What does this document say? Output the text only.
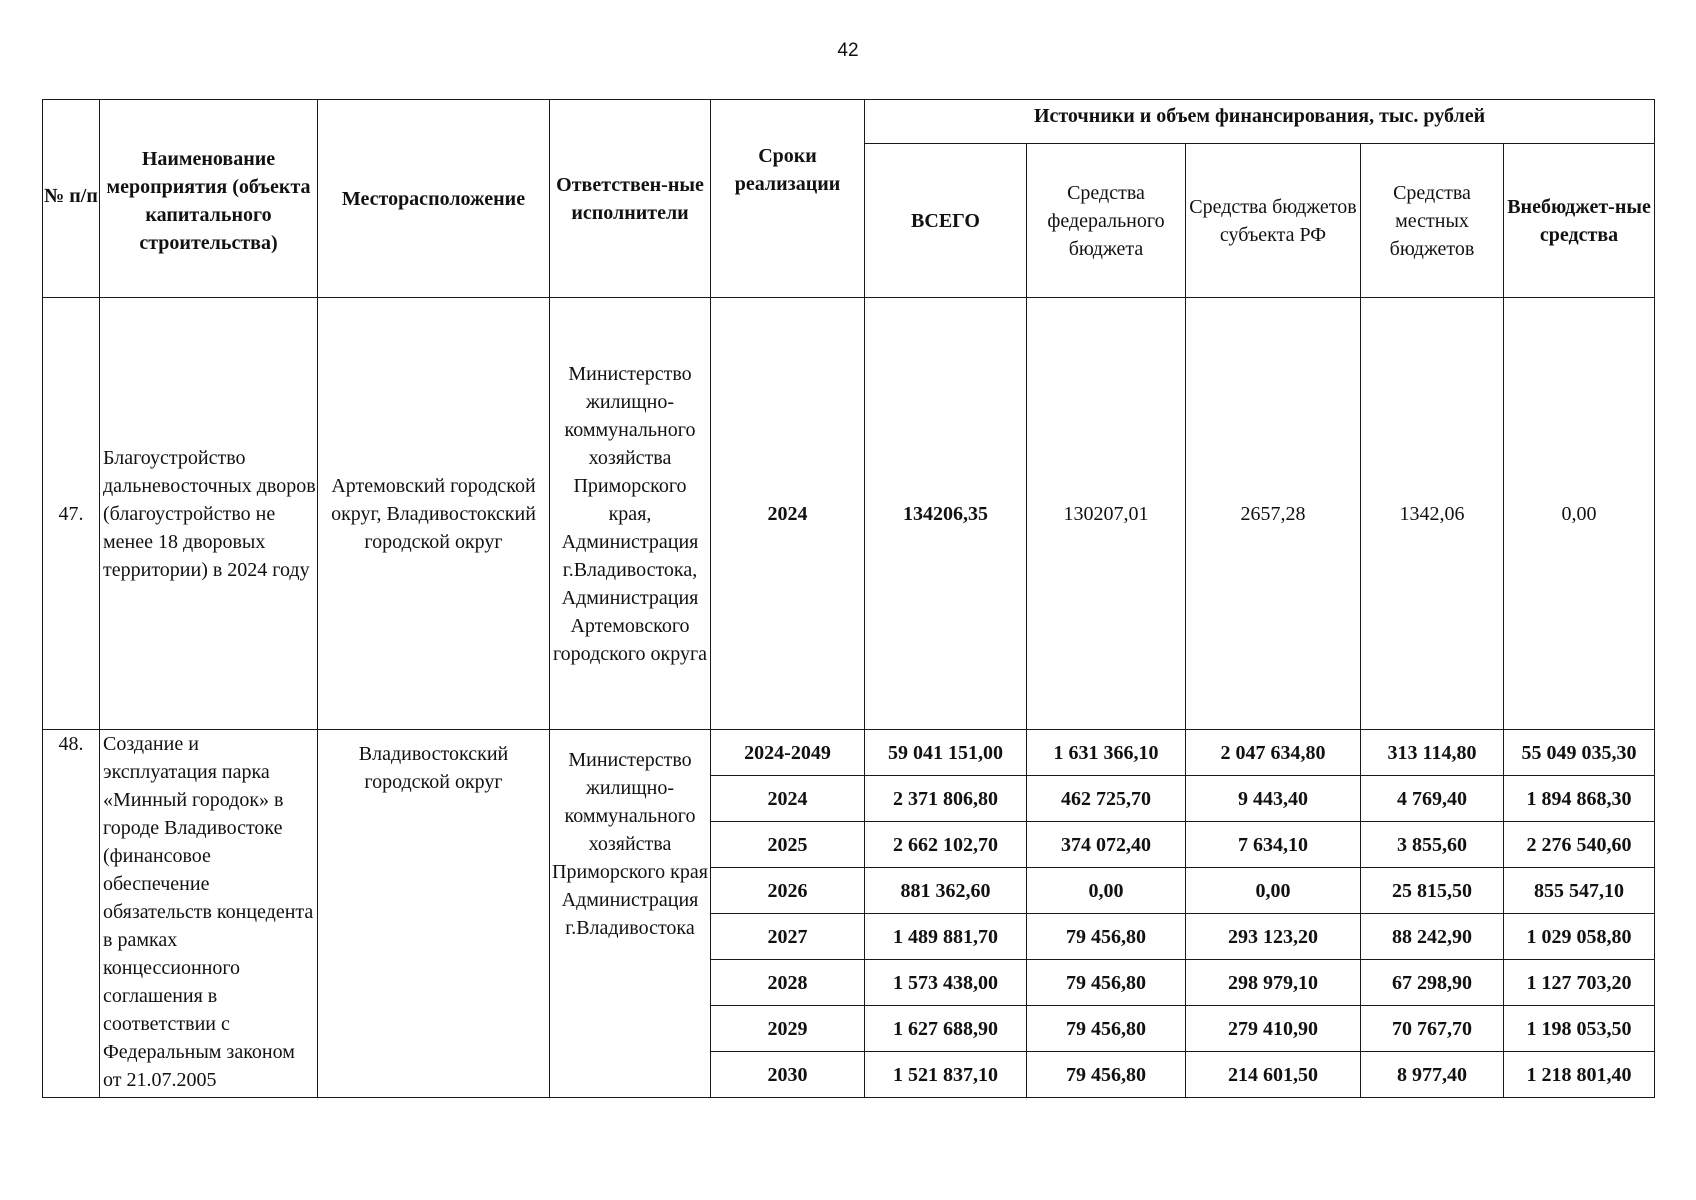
42
№ п/п	Наименование мероприятия (объекта капитального строительства)	Месторасположение	Ответствен-ные исполнители	Сроки реализации	Источники и объем финансирования, тыс. рублей				
					ВСЕГО	Средства федерального бюджета	Средства бюджетов субъекта РФ	Средства местных бюджетов	Внебюджет-ные средства
47.	Благоустройство дальневосточных дворов (благоустройство не менее 18 дворовых территории) в 2024 году	Артемовский городской округ, Владивостокский городской округ	Министерство жилищно-коммунального хозяйства Приморского края, Администрация г.Владивостока, Администрация Артемовского городского округа	2024	134206,35	130207,01	2657,28	1342,06	0,00
48.	Создание и эксплуатация парка «Минный городок» в городе Владивостоке (финансовое обеспечение обязательств концедента в рамках концессионного соглашения в соответствии с Федеральным законом от 21.07.2005	Владивостокский городской округ	Министерство жилищно-коммунального хозяйства Приморского края Администрация г.Владивостока	2024-2049	59 041 151,00	1 631 366,10	2 047 634,80	313 114,80	55 049 035,30
				2024	2 371 806,80	462 725,70	9 443,40	4 769,40	1 894 868,30
				2025	2 662 102,70	374 072,40	7 634,10	3 855,60	2 276 540,60
				2026	881 362,60	0,00	0,00	25 815,50	855 547,10
				2027	1 489 881,70	79 456,80	293 123,20	88 242,90	1 029 058,80
				2028	1 573 438,00	79 456,80	298 979,10	67 298,90	1 127 703,20
				2029	1 627 688,90	79 456,80	279 410,90	70 767,70	1 198 053,50
				2030	1 521 837,10	79 456,80	214 601,50	8 977,40	1 218 801,40
